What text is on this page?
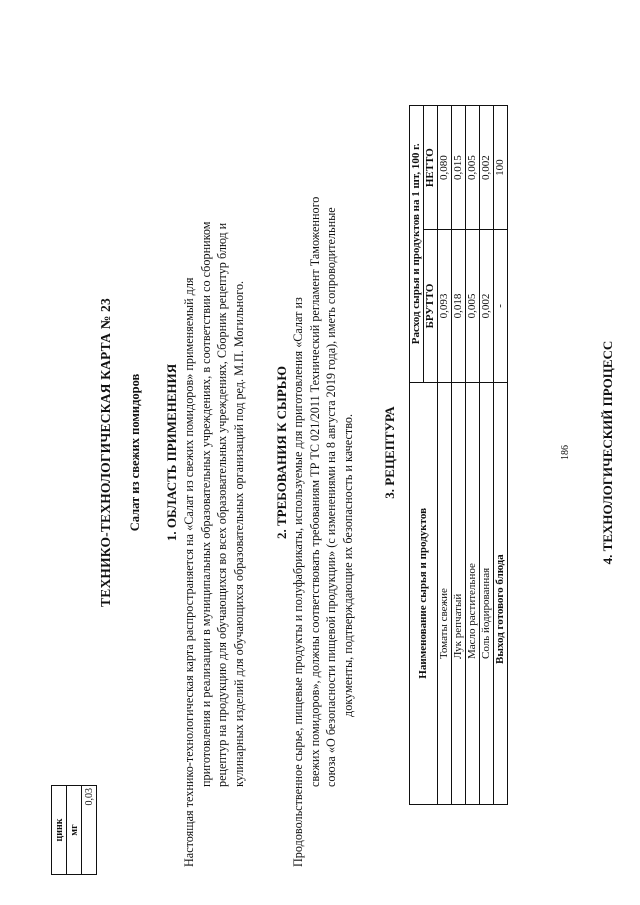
цинк
мг
0,03
ТЕХНИКО-ТЕХНОЛОГИЧЕСКАЯ КАРТА № 23 Салат из свежих помидоров 1. ОБЛАСТЬ ПРИМЕНЕНИЯ Настоящая технико-технологическая карта распространяется на «Салат из свежих помидоров» применяемый для приготовления и реализации в муниципальных образовательных учреждениях, в соответствии со сборником рецептур на продукцию для обучающихся во всех образовательных учреждениях, Сборник рецептур блюд и кулинарных изделий для обучающихся образовательных организаций под ред. М.П. Могильного. 2. ТРЕБОВАНИЯ К СЫРЬЮ Продовольственное сырье, пищевые продукты и полуфабрикаты, используемые для приготовления «Салат из свежих помидоров», должны соответствовать требованиям ТР ТС 021/2011 Технический регламент Таможенного союза «О безопасности пищевой продукции» (с изменениями на 8 августа 2019 года), иметь сопроводительные документы, подтверждающие их безопасность и качество. 3. РЕЦЕПТУРА
Наименование сырья и продуктов	Расход сырья и продуктов на 1 шт, 100 г.	
	БРУТТО	НЕТТО
Томаты свежие	0,093	0,080
Лук репчатый	0,018	0,015
Масло растительное	0,005	0,005
Соль йодированная	0,002	0,002
Выход готового блюда	-	100
186 4. ТЕХНОЛОГИЧЕСКИЙ ПРОЦЕСС
